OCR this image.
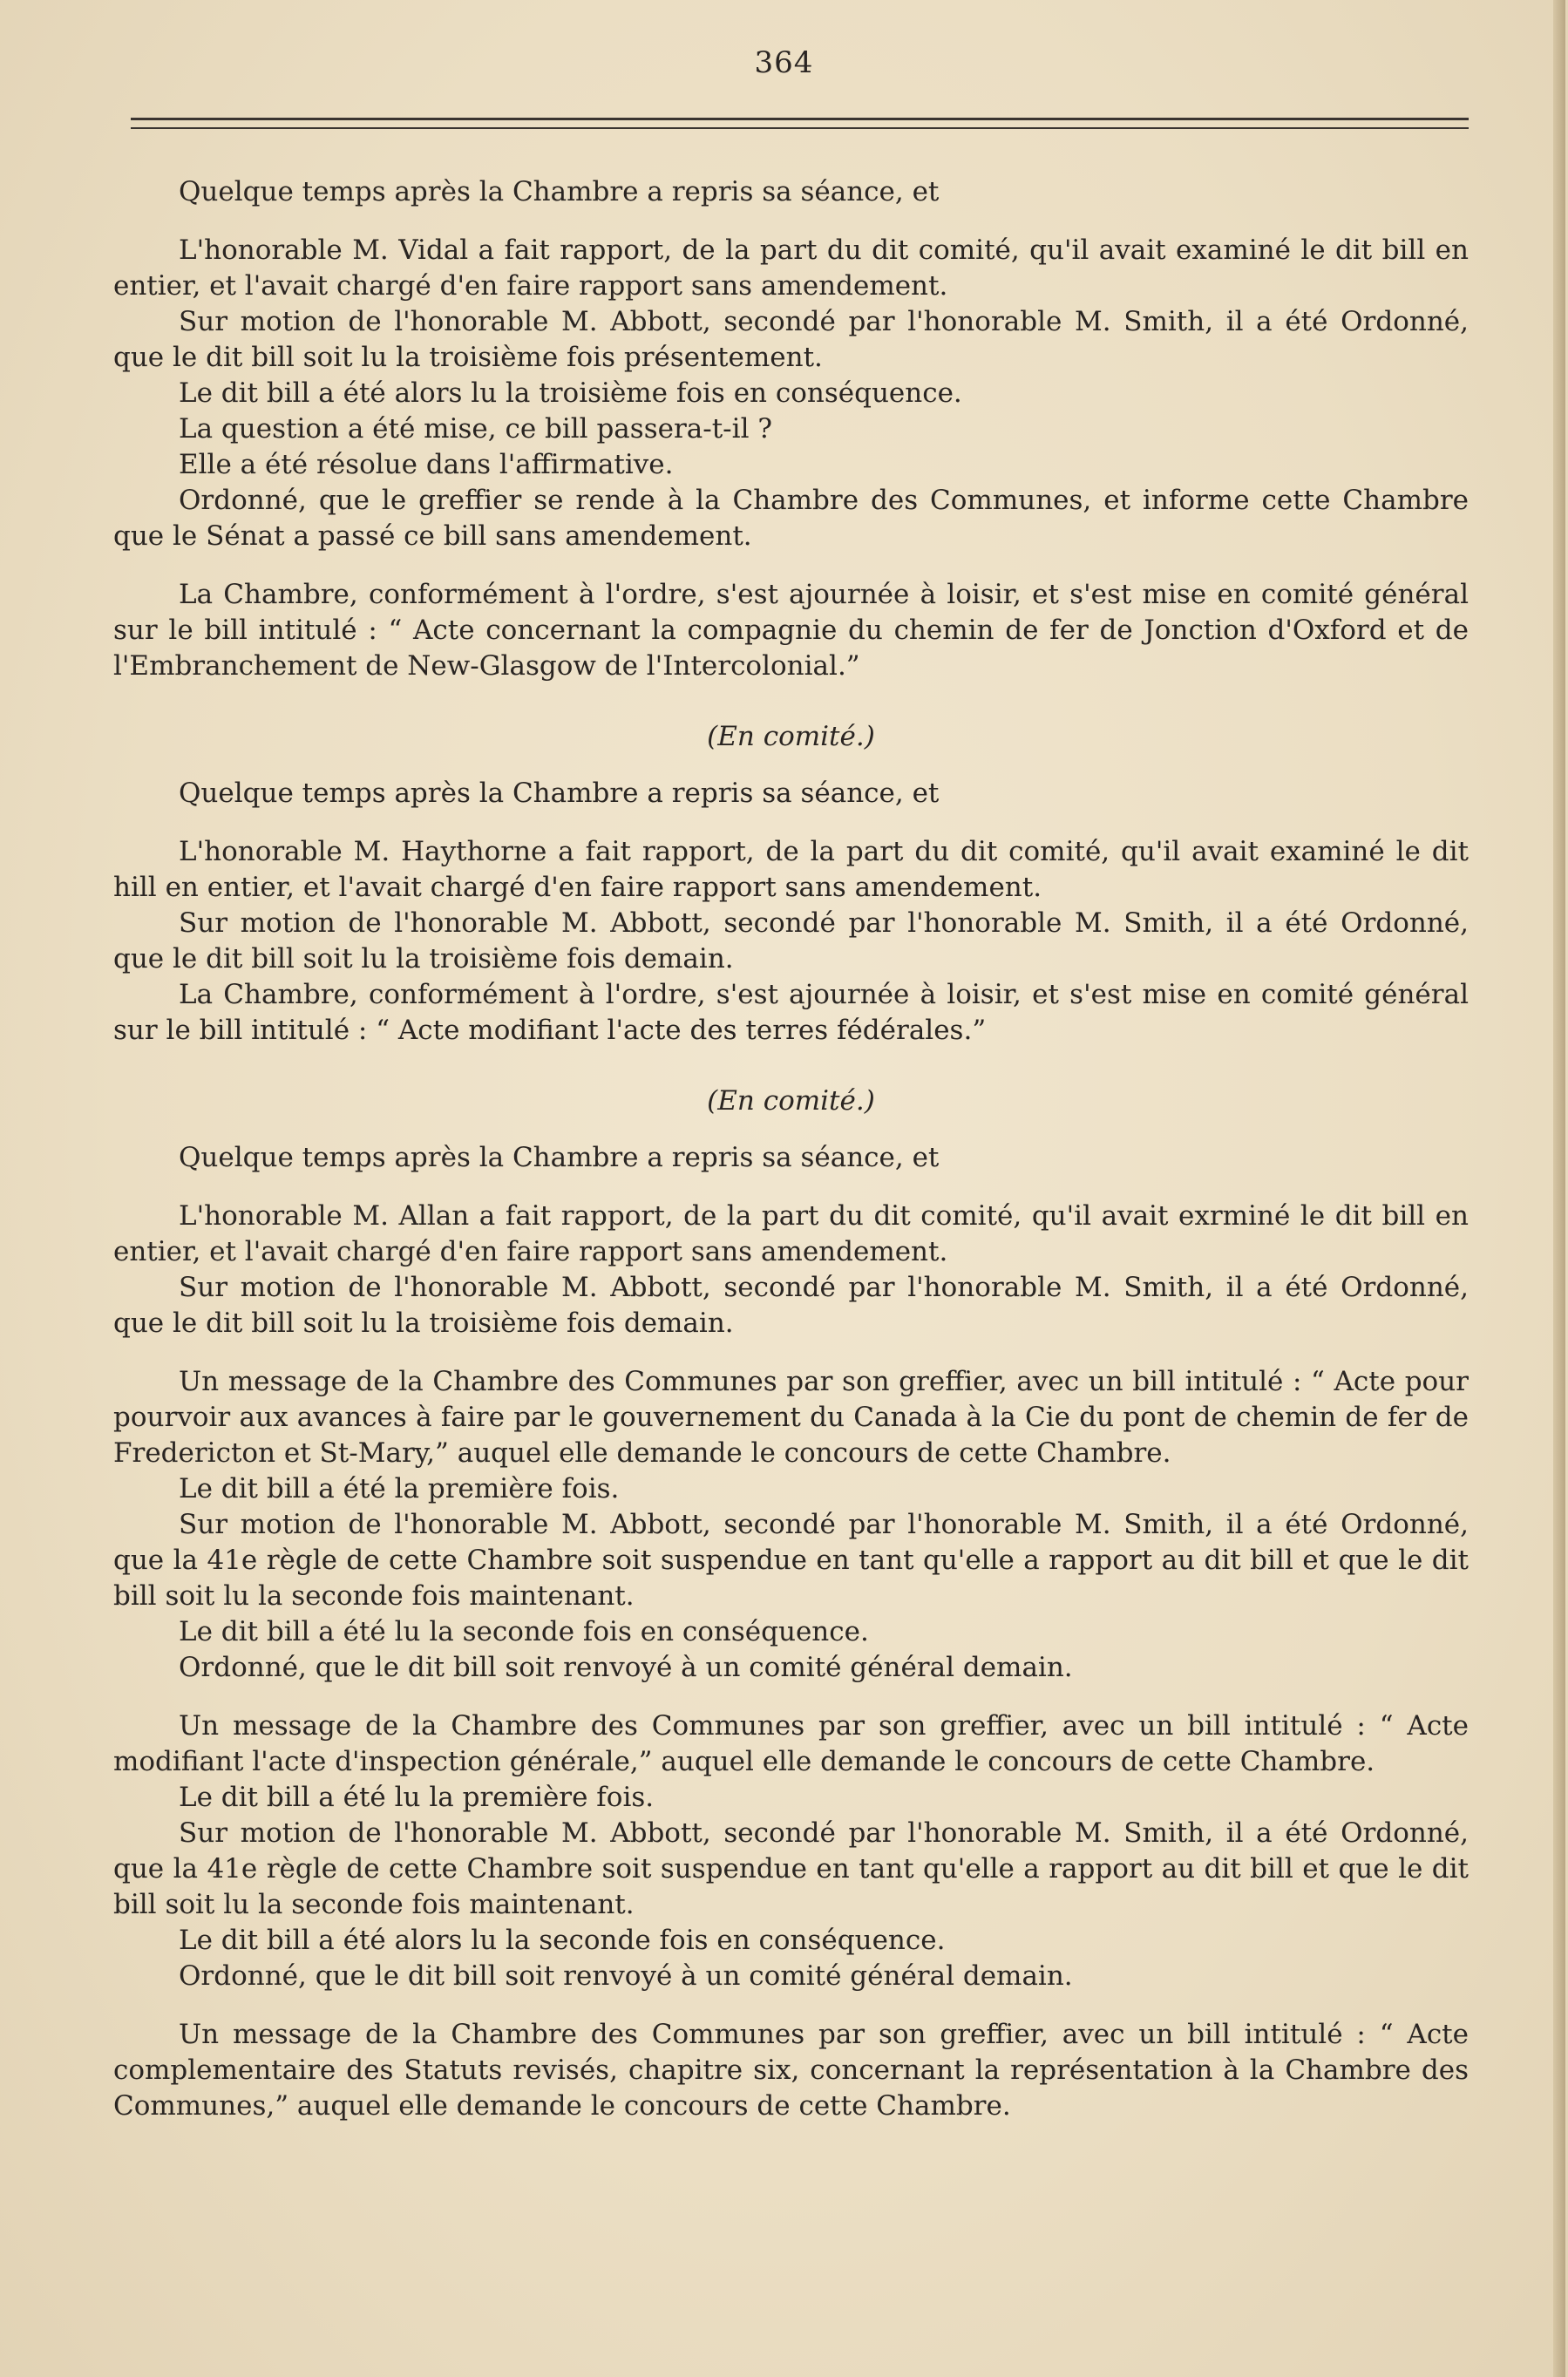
364

Quelque temps après la Chambre a repris sa séance, et

L'honorable M. Vidal a fait rapport, de la part du dit comité, qu'il avait examiné le dit bill en entier, et l'avait chargé d'en faire rapport sans amendement.

Sur motion de l'honorable M. Abbott, secondé par l'honorable M. Smith, il a été Ordonné, que le dit bill soit lu la troisième fois présentement.

Le dit bill a été alors lu la troisième fois en conséquence.

La question a été mise, ce bill passera-t-il ?

Elle a été résolue dans l'affirmative.

Ordonné, que le greffier se rende à la Chambre des Communes, et informe cette Chambre que le Sénat a passé ce bill sans amendement.

La Chambre, conformément à l'ordre, s'est ajournée à loisir, et s'est mise en comité général sur le bill intitulé : “ Acte concernant la compagnie du chemin de fer de Jonction d'Oxford et de l'Embranchement de New-Glasgow de l'Intercolonial.”

(En comité.)

Quelque temps après la Chambre a repris sa séance, et

L'honorable M. Haythorne a fait rapport, de la part du dit comité, qu'il avait examiné le dit hill en entier, et l'avait chargé d'en faire rapport sans amendement.

Sur motion de l'honorable M. Abbott, secondé par l'honorable M. Smith, il a été Ordonné, que le dit bill soit lu la troisième fois demain.

La Chambre, conformément à l'ordre, s'est ajournée à loisir, et s'est mise en comité général sur le bill intitulé : “ Acte modifiant l'acte des terres fédérales.”

(En comité.)

Quelque temps après la Chambre a repris sa séance, et

L'honorable M. Allan a fait rapport, de la part du dit comité, qu'il avait exrminé le dit bill en entier, et l'avait chargé d'en faire rapport sans amendement.

Sur motion de l'honorable M. Abbott, secondé par l'honorable M. Smith, il a été Ordonné, que le dit bill soit lu la troisième fois demain.

Un message de la Chambre des Communes par son greffier, avec un bill intitulé : “ Acte pour pourvoir aux avances à faire par le gouvernement du Canada à la Cie du pont de chemin de fer de Fredericton et St-Mary,” auquel elle demande le concours de cette Chambre.

Le dit bill a été la première fois.

Sur motion de l'honorable M. Abbott, secondé par l'honorable M. Smith, il a été Ordonné, que la 41e règle de cette Chambre soit suspendue en tant qu'elle a rapport au dit bill et que le dit bill soit lu la seconde fois maintenant.

Le dit bill a été lu la seconde fois en conséquence.

Ordonné, que le dit bill soit renvoyé à un comité général demain.

Un message de la Chambre des Communes par son greffier, avec un bill intitulé : “ Acte modifiant l'acte d'inspection générale,” auquel elle demande le concours de cette Chambre.

Le dit bill a été lu la première fois.

Sur motion de l'honorable M. Abbott, secondé par l'honorable M. Smith, il a été Ordonné, que la 41e règle de cette Chambre soit suspendue en tant qu'elle a rapport au dit bill et que le dit bill soit lu la seconde fois maintenant.

Le dit bill a été alors lu la seconde fois en conséquence.

Ordonné, que le dit bill soit renvoyé à un comité général demain.

Un message de la Chambre des Communes par son greffier, avec un bill intitulé : “ Acte complementaire des Statuts revisés, chapitre six, concernant la représentation à la Chambre des Communes,” auquel elle demande le concours de cette Chambre.
